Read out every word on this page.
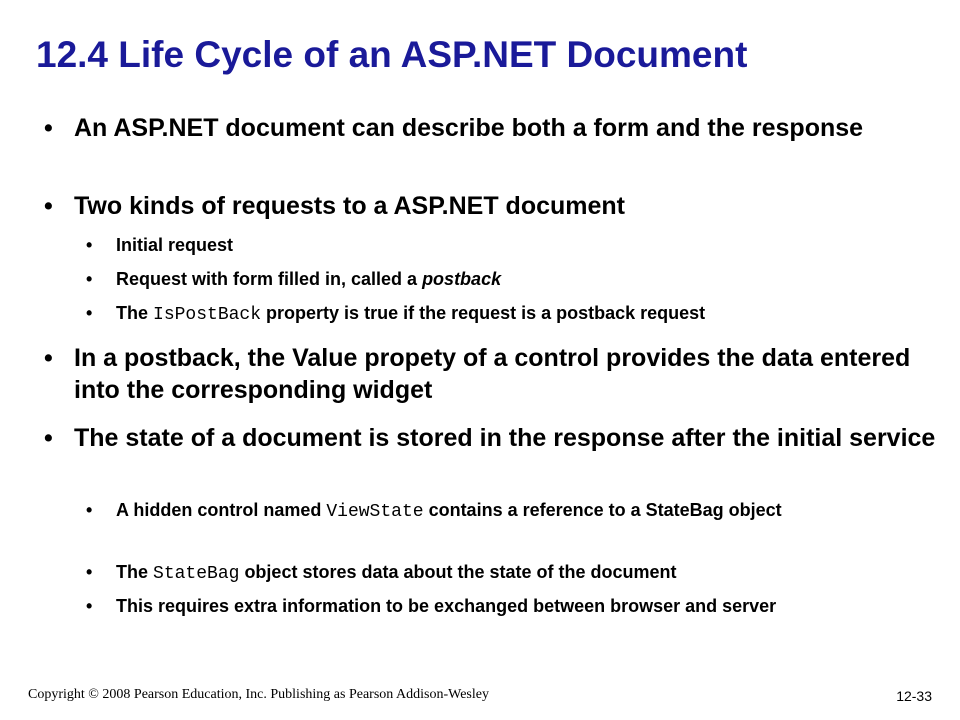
12.4 Life Cycle of an ASP.NET Document
• An ASP.NET document can describe both a form and the response
• Two kinds of requests to a ASP.NET document
•	Initial request
•	Request with form filled in, called a postback
•	The IsPostBack property is true if the request is a postback request
• In a postback, the Value propety of a control provides the data entered into the corresponding widget
• The state of a document is stored in the response after the initial service
•	A hidden control named ViewState contains a reference to a StateBag object
•	The StateBag object stores data about the state of the document
•	This requires extra information to be exchanged between browser and server
Copyright © 2008 Pearson Education, Inc. Publishing as Pearson Addison-Wesley	12-33
